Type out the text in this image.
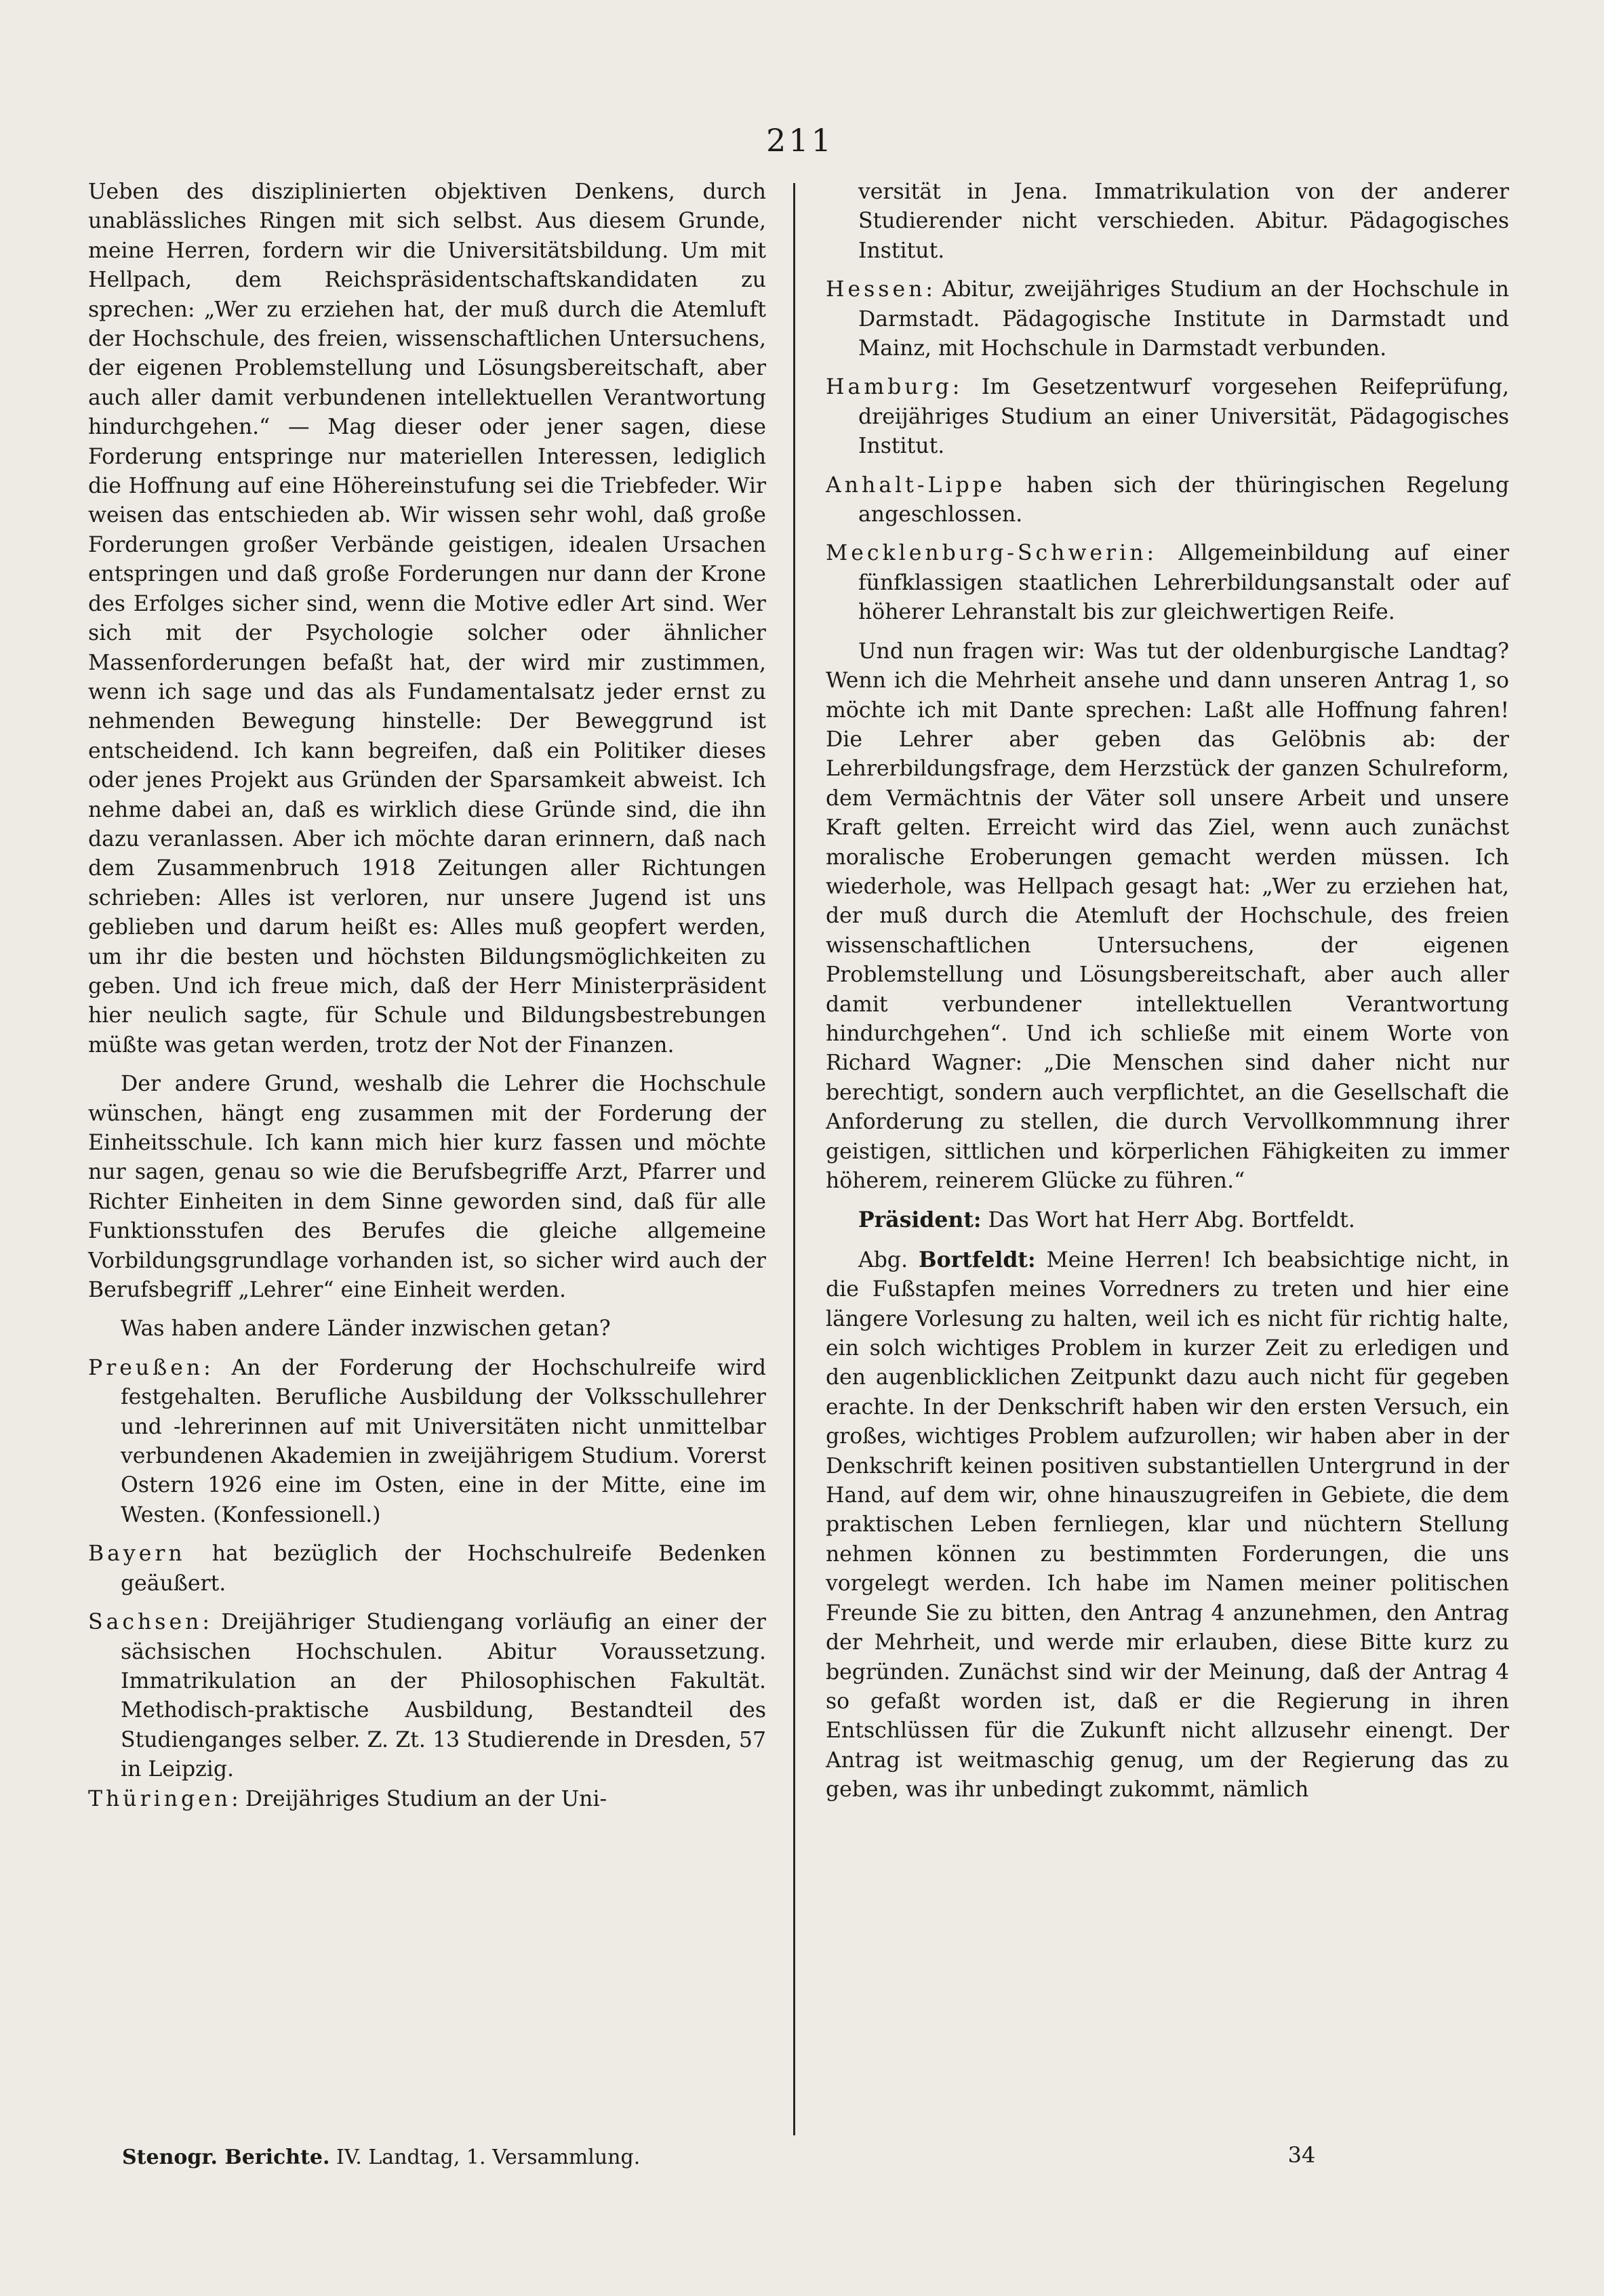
211

Ueben des disziplinierten objektiven Denkens, durch unablässliches Ringen mit sich selbst. Aus diesem Grunde, meine Herren, fordern wir die Universitätsbildung. Um mit Hellpach, dem Reichspräsidentschaftskandidaten zu sprechen: „Wer zu erziehen hat, der muß durch die Atemluft der Hochschule, des freien, wissenschaftlichen Untersuchens, der eigenen Problemstellung und Lösungsbereitschaft, aber auch aller damit verbundenen intellektuellen Verantwortung hindurchgehen.“ — Mag dieser oder jener sagen, diese Forderung entspringe nur materiellen Interessen, lediglich die Hoffnung auf eine Höhereinstufung sei die Triebfeder. Wir weisen das entschieden ab. Wir wissen sehr wohl, daß große Forderungen großer Verbände geistigen, idealen Ursachen entspringen und daß große Forderungen nur dann der Krone des Erfolges sicher sind, wenn die Motive edler Art sind. Wer sich mit der Psychologie solcher oder ähnlicher Massenforderungen befaßt hat, der wird mir zustimmen, wenn ich sage und das als Fundamentalsatz jeder ernst zu nehmenden Bewegung hinstelle: Der Beweggrund ist entscheidend. Ich kann begreifen, daß ein Politiker dieses oder jenes Projekt aus Gründen der Sparsamkeit abweist. Ich nehme dabei an, daß es wirklich diese Gründe sind, die ihn dazu veranlassen. Aber ich möchte daran erinnern, daß nach dem Zusammenbruch 1918 Zeitungen aller Richtungen schrieben: Alles ist verloren, nur unsere Jugend ist uns geblieben und darum heißt es: Alles muß geopfert werden, um ihr die besten und höchsten Bildungsmöglichkeiten zu geben. Und ich freue mich, daß der Herr Ministerpräsident hier neulich sagte, für Schule und Bildungsbestrebungen müßte was getan werden, trotz der Not der Finanzen.

Der andere Grund, weshalb die Lehrer die Hochschule wünschen, hängt eng zusammen mit der Forderung der Einheitsschule. Ich kann mich hier kurz fassen und möchte nur sagen, genau so wie die Berufsbegriffe Arzt, Pfarrer und Richter Einheiten in dem Sinne geworden sind, daß für alle Funktionsstufen des Berufes die gleiche allgemeine Vorbildungsgrundlage vorhanden ist, so sicher wird auch der Berufsbegriff „Lehrer“ eine Einheit werden.

Was haben andere Länder inzwischen getan?

Preußen: An der Forderung der Hochschulreife wird festgehalten. Berufliche Ausbildung der Volksschullehrer und -lehrerinnen auf mit Universitäten nicht unmittelbar verbundenen Akademien in zweijährigem Studium. Vorerst Ostern 1926 eine im Osten, eine in der Mitte, eine im Westen. (Konfessionell.)

Bayern hat bezüglich der Hochschulreife Bedenken geäußert.

Sachsen: Dreijähriger Studiengang vorläufig an einer der sächsischen Hochschulen. Abitur Voraussetzung. Immatrikulation an der Philosophischen Fakultät. Methodisch-praktische Ausbildung, Bestandteil des Studienganges selber. Z. Zt. 13 Studierende in Dresden, 57 in Leipzig.

Thüringen: Dreijähriges Studium an der Uni-

versität in Jena. Immatrikulation von der anderer Studierender nicht verschieden. Abitur. Pädagogisches Institut.

Hessen: Abitur, zweijähriges Studium an der Hochschule in Darmstadt. Pädagogische Institute in Darmstadt und Mainz, mit Hochschule in Darmstadt verbunden.

Hamburg: Im Gesetzentwurf vorgesehen Reifeprüfung, dreijähriges Studium an einer Universität, Pädagogisches Institut.

Anhalt-Lippe haben sich der thüringischen Regelung angeschlossen.

Mecklenburg-Schwerin: Allgemeinbildung auf einer fünfklassigen staatlichen Lehrerbildungsanstalt oder auf höherer Lehranstalt bis zur gleichwertigen Reife.

Und nun fragen wir: Was tut der oldenburgische Landtag? Wenn ich die Mehrheit ansehe und dann unseren Antrag 1, so möchte ich mit Dante sprechen: Laßt alle Hoffnung fahren! Die Lehrer aber geben das Gelöbnis ab: der Lehrerbildungsfrage, dem Herzstück der ganzen Schulreform, dem Vermächtnis der Väter soll unsere Arbeit und unsere Kraft gelten. Erreicht wird das Ziel, wenn auch zunächst moralische Eroberungen gemacht werden müssen. Ich wiederhole, was Hellpach gesagt hat: „Wer zu erziehen hat, der muß durch die Atemluft der Hochschule, des freien wissenschaftlichen Untersuchens, der eigenen Problemstellung und Lösungsbereitschaft, aber auch aller damit verbundener intellektuellen Verantwortung hindurchgehen“. Und ich schließe mit einem Worte von Richard Wagner: „Die Menschen sind daher nicht nur berechtigt, sondern auch verpflichtet, an die Gesellschaft die Anforderung zu stellen, die durch Vervollkommnung ihrer geistigen, sittlichen und körperlichen Fähigkeiten zu immer höherem, reinerem Glücke zu führen.“

Präsident: Das Wort hat Herr Abg. Bortfeldt.

Abg. Bortfeldt: Meine Herren! Ich beabsichtige nicht, in die Fußstapfen meines Vorredners zu treten und hier eine längere Vorlesung zu halten, weil ich es nicht für richtig halte, ein solch wichtiges Problem in kurzer Zeit zu erledigen und den augenblicklichen Zeitpunkt dazu auch nicht für gegeben erachte. In der Denkschrift haben wir den ersten Versuch, ein großes, wichtiges Problem aufzurollen; wir haben aber in der Denkschrift keinen positiven substantiellen Untergrund in der Hand, auf dem wir, ohne hinauszugreifen in Gebiete, die dem praktischen Leben fernliegen, klar und nüchtern Stellung nehmen können zu bestimmten Forderungen, die uns vorgelegt werden. Ich habe im Namen meiner politischen Freunde Sie zu bitten, den Antrag 4 anzunehmen, den Antrag der Mehrheit, und werde mir erlauben, diese Bitte kurz zu begründen. Zunächst sind wir der Meinung, daß der Antrag 4 so gefaßt worden ist, daß er die Regierung in ihren Entschlüssen für die Zukunft nicht allzusehr einengt. Der Antrag ist weitmaschig genug, um der Regierung das zu geben, was ihr unbedingt zukommt, nämlich

Stenogr. Berichte. IV. Landtag, 1. Versammlung.	34
